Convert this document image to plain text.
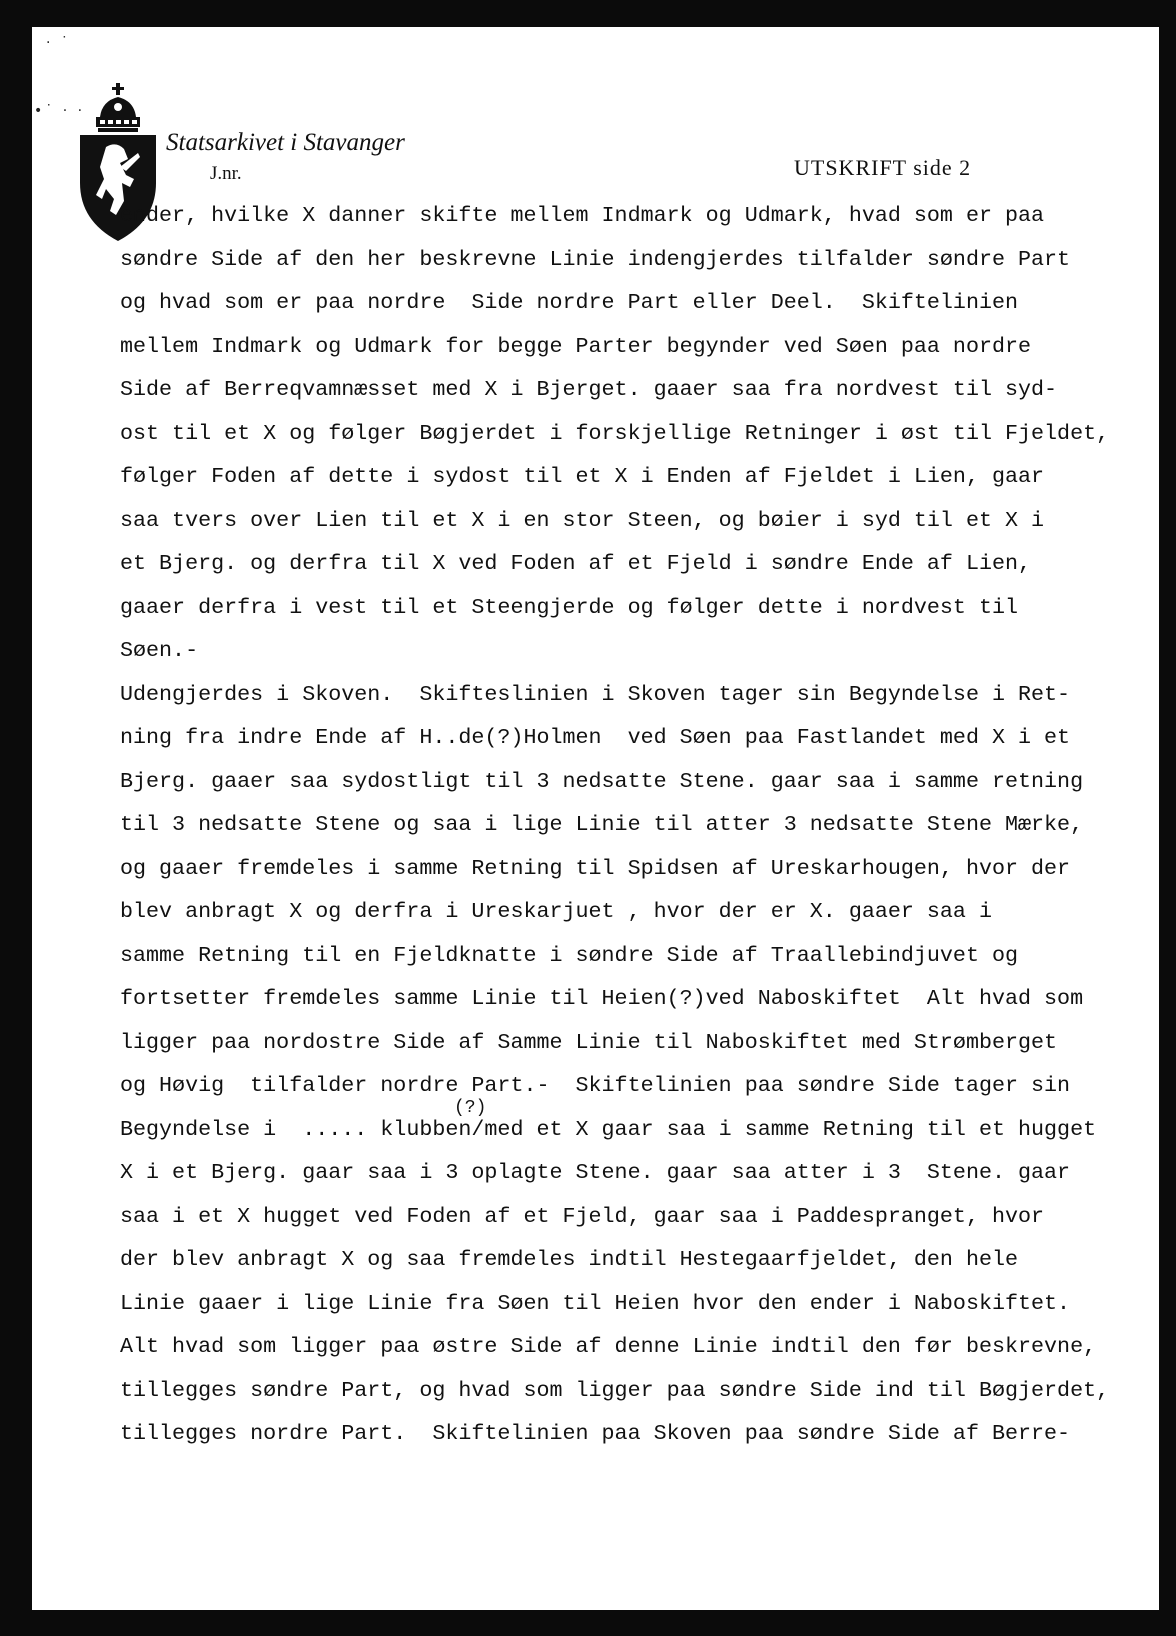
· ˙
•˙ · ·
Statsarkivet i Stavanger
J.nr.	UTSKRIFT side 2
ender, hvilke X danner skifte mellem Indmark og Udmark, hvad som er paa
søndre Side af den her beskrevne Linie indengjerdes tilfalder søndre Part
og hvad som er paa nordre  Side nordre Part eller Deel.  Skiftelinien
mellem Indmark og Udmark for begge Parter begynder ved Søen paa nordre
Side af Berreqvamnæsset med X i Bjerget. gaaer saa fra nordvest til syd-
ost til et X og følger Bøgjerdet i forskjellige Retninger i øst til Fjeldet,
følger Foden af dette i sydost til et X i Enden af Fjeldet i Lien, gaar
saa tvers over Lien til et X i en stor Steen, og bøier i syd til et X i
et Bjerg. og derfra til X ved Foden af et Fjeld i søndre Ende af Lien,
gaaer derfra i vest til et Steengjerde og følger dette i nordvest til
Søen.-
Udengjerdes i Skoven.  Skifteslinien i Skoven tager sin Begyndelse i Ret-
ning fra indre Ende af H..de(?)Holmen  ved Søen paa Fastlandet med X i et
Bjerg. gaaer saa sydostligt til 3 nedsatte Stene. gaar saa i samme retning
til 3 nedsatte Stene og saa i lige Linie til atter 3 nedsatte Stene Mærke,
og gaaer fremdeles i samme Retning til Spidsen af Ureskarhougen, hvor der
blev anbragt X og derfra i Ureskarjuet , hvor der er X. gaaer saa i
samme Retning til en Fjeldknatte i søndre Side af Traallebindjuvet og
fortsetter fremdeles samme Linie til Heien(?)ved Naboskiftet  Alt hvad som
ligger paa nordostre Side af Samme Linie til Naboskiftet med Strømberget
og Høvig  tilfalder nordre Part.-  Skiftelinien paa søndre Side tager sin
(?)
Begyndelse i  ..... klubben/med et X gaar saa i samme Retning til et hugget
X i et Bjerg. gaar saa i 3 oplagte Stene. gaar saa atter i 3  Stene. gaar
saa i et X hugget ved Foden af et Fjeld, gaar saa i Paddespranget, hvor
der blev anbragt X og saa fremdeles indtil Hestegaarfjeldet, den hele
Linie gaaer i lige Linie fra Søen til Heien hvor den ender i Naboskiftet.
Alt hvad som ligger paa østre Side af denne Linie indtil den før beskrevne,
tillegges søndre Part, og hvad som ligger paa søndre Side ind til Bøgjerdet,
tillegges nordre Part.  Skiftelinien paa Skoven paa søndre Side af Berre-
